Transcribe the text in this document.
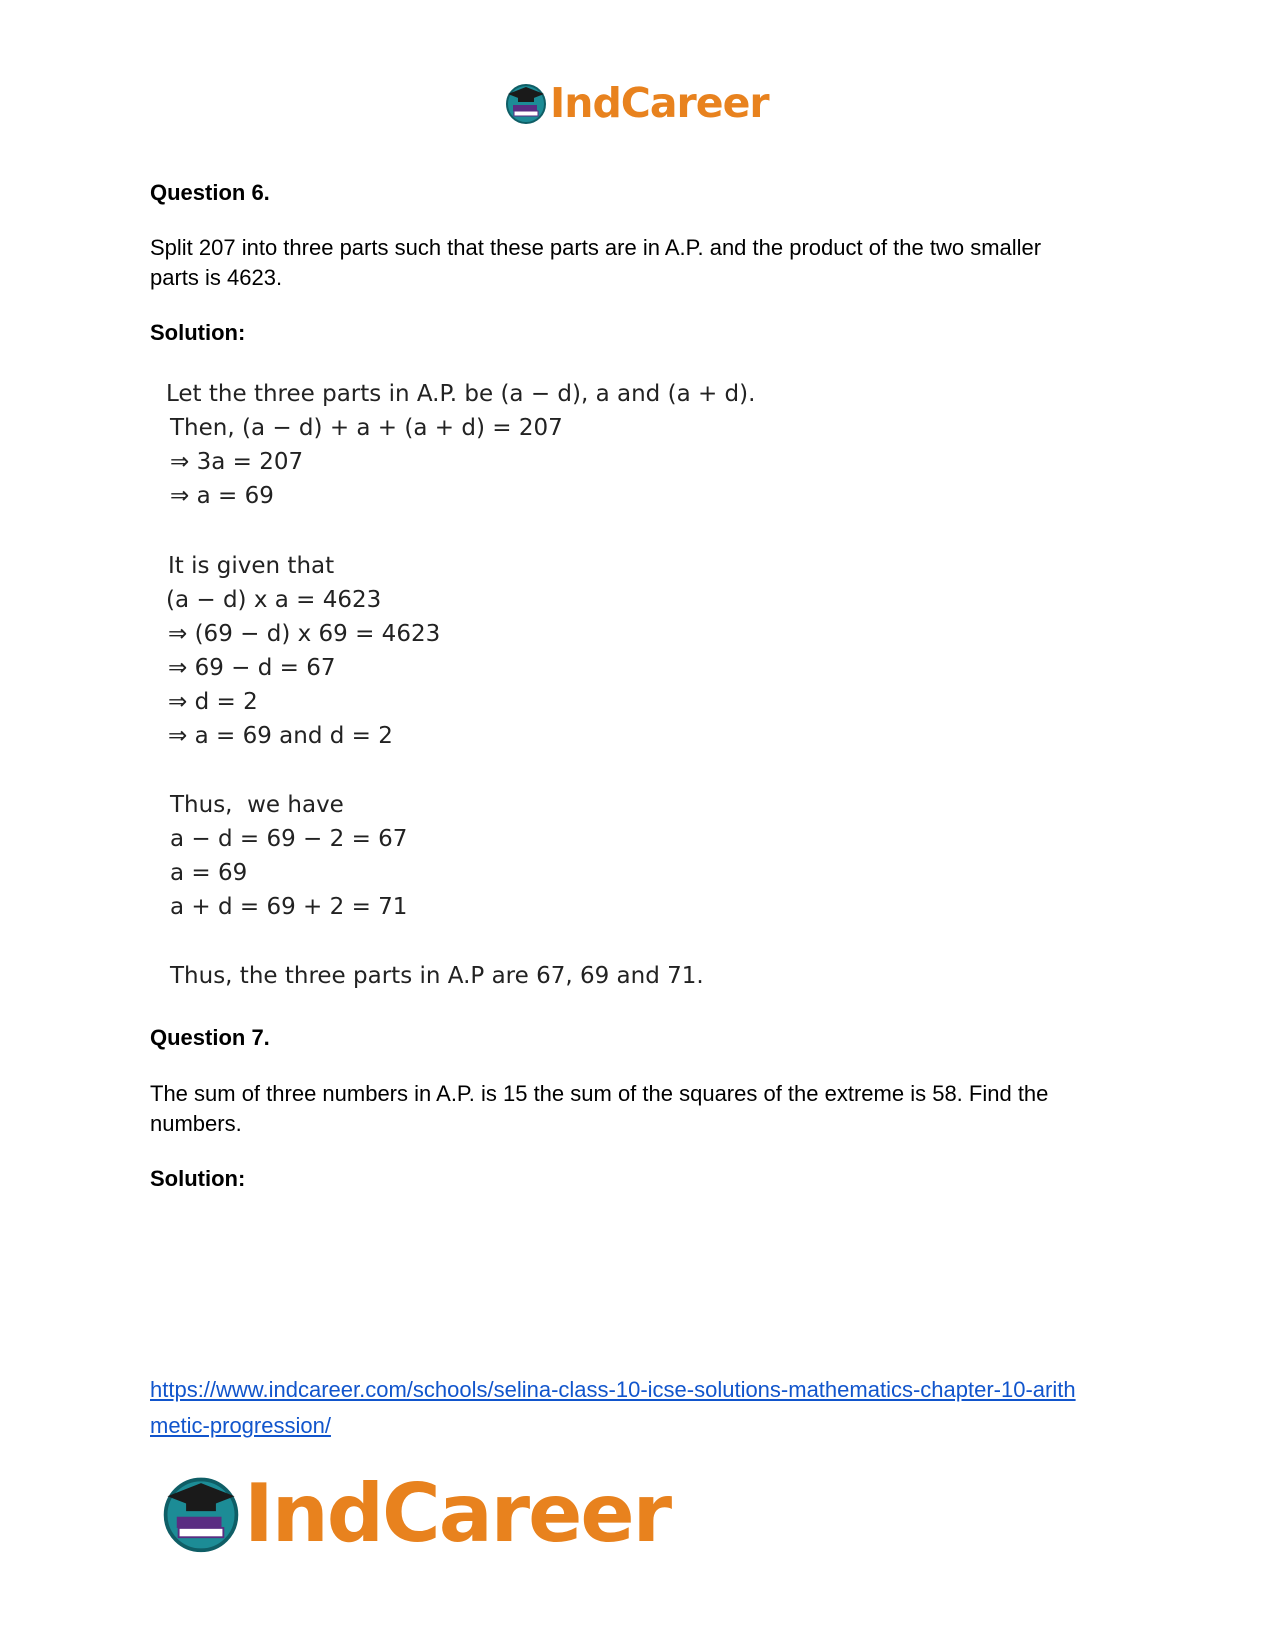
IndCareer
Question 6.
Split 207 into three parts such that these parts are in A.P. and the product of the two smaller
parts is 4623.
Solution:
Let the three parts in A.P. be (a − d), a and (a + d).
Then, (a − d) + a + (a + d) = 207
⇒ 3a = 207
⇒ a = 69
It is given that
(a − d) x a = 4623
⇒ (69 − d) x 69 = 4623
⇒ 69 − d = 67
⇒ d = 2
⇒ a = 69 and d = 2
Thus,  we have
a − d = 69 − 2 = 67
a = 69
a + d = 69 + 2 = 71
Thus, the three parts in A.P are 67, 69 and 71.
Question 7.
The sum of three numbers in A.P. is 15 the sum of the squares of the extreme is 58. Find the
numbers.
Solution:
https://www.indcareer.com/schools/selina-class-10-icse-solutions-mathematics-chapter-10-arith
metic-progression/
IndCareer
